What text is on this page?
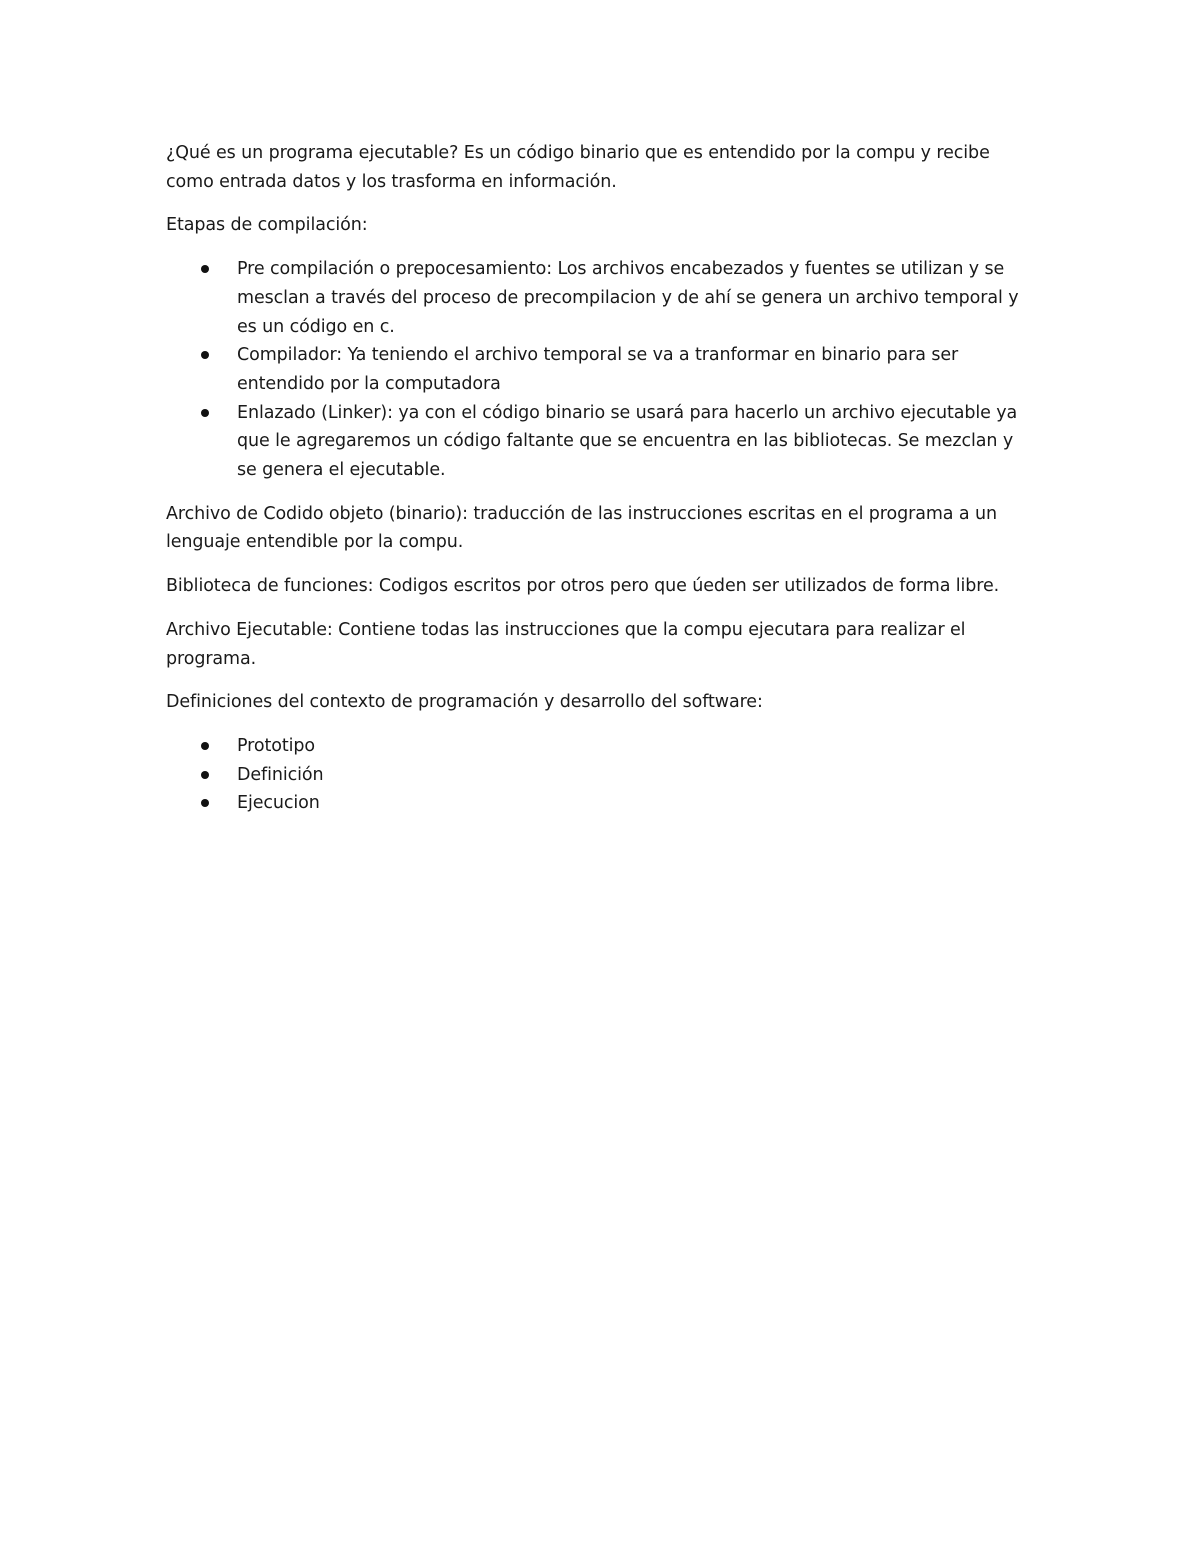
¿Qué es un programa ejecutable? Es un código binario que es entendido por la compu y recibe como entrada datos y los trasforma en información.

Etapas de compilación:

Pre compilación o prepocesamiento: Los archivos encabezados y fuentes se utilizan y se mesclan a través del proceso de precompilacion y de ahí se genera un archivo temporal y es un código en c.
Compilador: Ya teniendo el archivo temporal se va a tranformar en binario para ser entendido por la computadora
Enlazado (Linker): ya con el código binario se usará para hacerlo un archivo ejecutable ya que le agregaremos un código faltante que se encuentra en las bibliotecas. Se mezclan y se genera el ejecutable.

Archivo de Codido objeto (binario): traducción de las instrucciones escritas en el programa a un lenguaje entendible por la compu.

Biblioteca de funciones: Codigos escritos por otros pero que úeden ser utilizados de forma libre.

Archivo Ejecutable: Contiene todas las instrucciones que la compu ejecutara para realizar el programa.

Definiciones del contexto de programación y desarrollo del software:

Prototipo
Definición
Ejecucion
